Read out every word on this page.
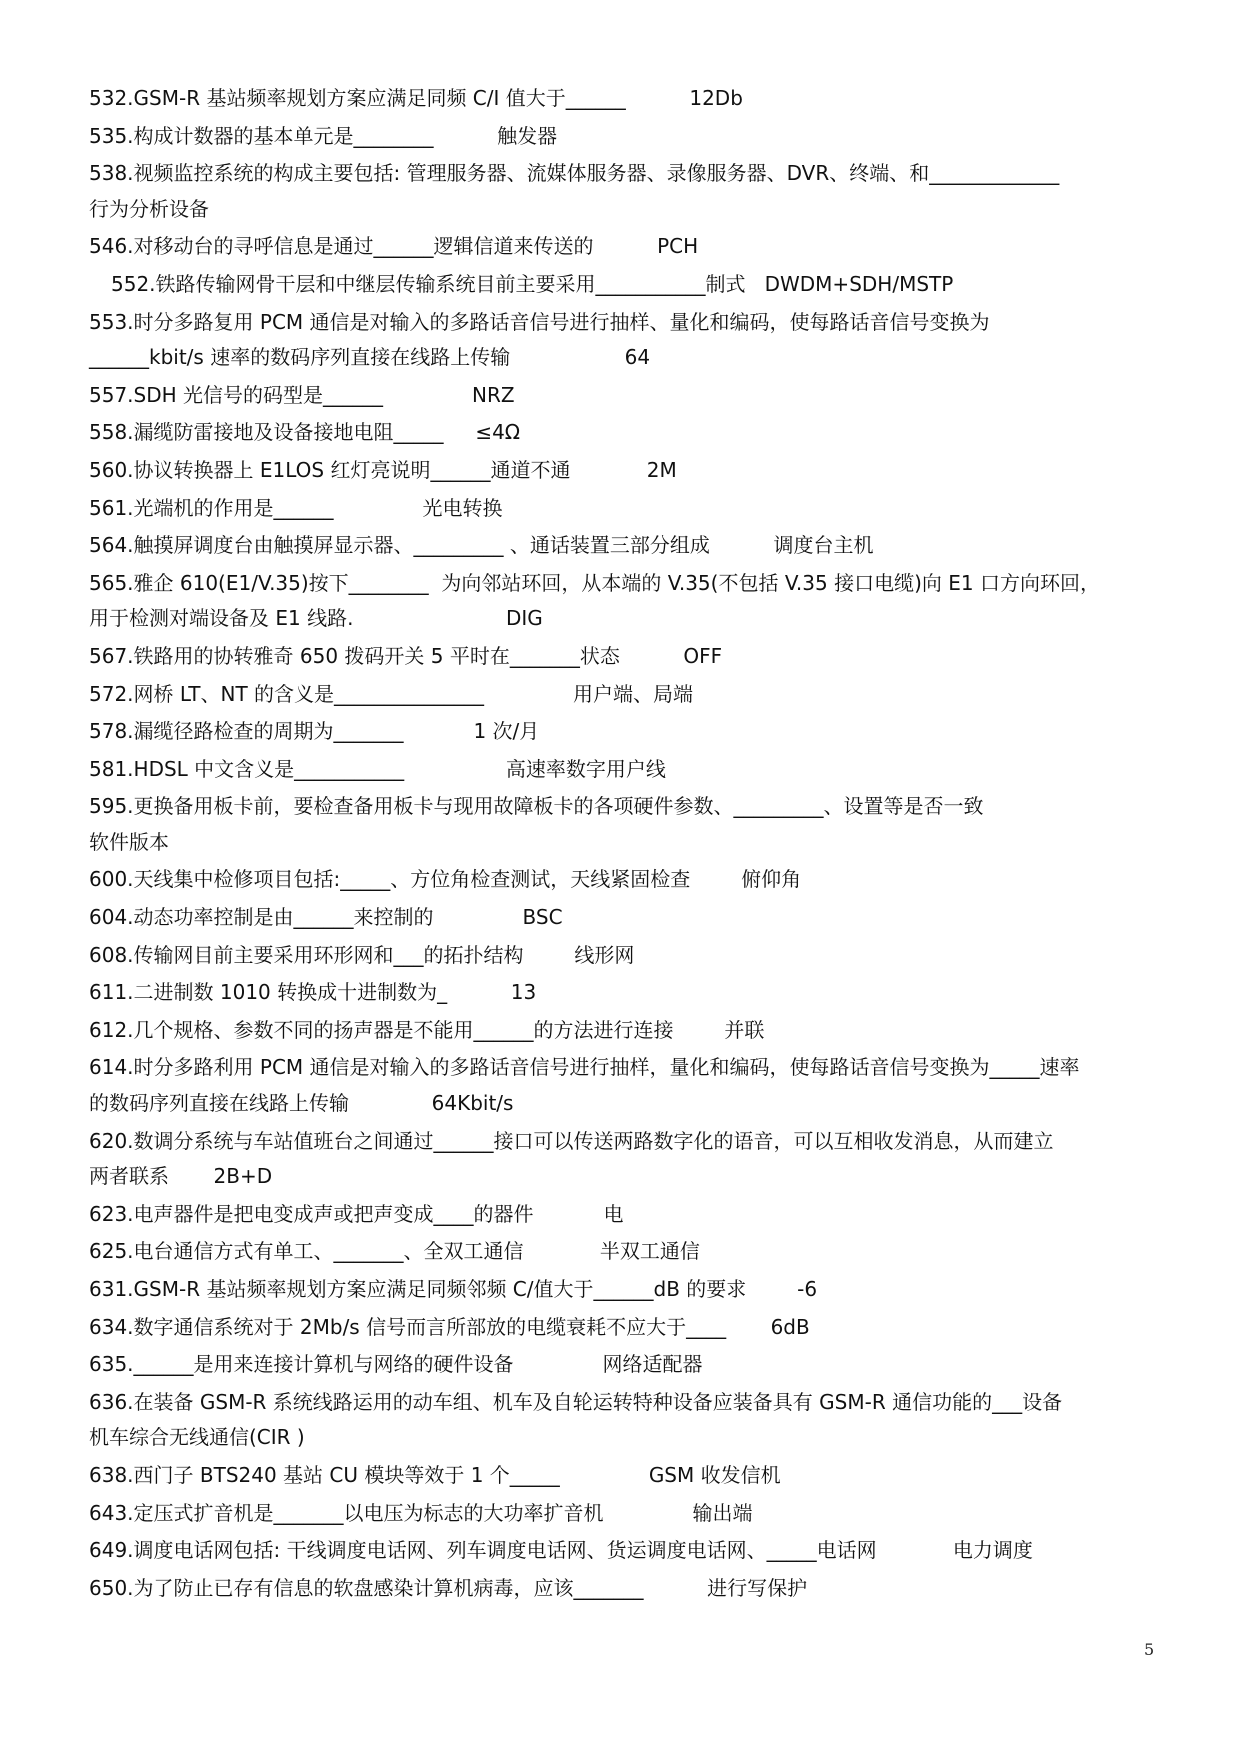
532.GSM-R 基站频率规划方案应满足同频 C/I 值大于______          12Db
535.构成计数器的基本单元是________          触发器
538.视频监控系统的构成主要包括: 管理服务器、流媒体服务器、录像服务器、DVR、终端、和_____________
行为分析设备
546.对移动台的寻呼信息是通过______逻辑信道来传送的          PCH
552.铁路传输网骨干层和中继层传输系统目前主要采用___________制式   DWDM+SDH/MSTP
553.时分多路复用 PCM 通信是对输入的多路话音信号进行抽样、量化和编码，使每路话音信号变换为
______kbit/s 速率的数码序列直接在线路上传输                  64
557.SDH 光信号的码型是______              NRZ
558.漏缆防雷接地及设备接地电阻_____     ≤4Ω
560.协议转换器上 E1LOS 红灯亮说明______通道不通            2M
561.光端机的作用是______              光电转换
564.触摸屏调度台由触摸屏显示器、_________ 、通话装置三部分组成          调度台主机
565.雅企 610(E1/V.35)按下________  为向邻站环回，从本端的 V.35(不包括 V.35 接口电缆)向 E1 口方向环回，
用于检测对端设备及 E1 线路.                        DIG
567.铁路用的协转雅奇 650 拨码开关 5 平时在_______状态          OFF
572.网桥 LT、NT 的含义是_______________              用户端、局端
578.漏缆径路检查的周期为_______           1 次/月
581.HDSL 中文含义是___________                高速率数字用户线
595.更换备用板卡前，要检查备用板卡与现用故障板卡的各项硬件参数、_________、设置等是否一致
软件版本
600.天线集中检修项目包括:_____、方位角检查测试，天线紧固检查        俯仰角
604.动态功率控制是由______来控制的              BSC
608.传输网目前主要采用环形网和___的拓扑结构        线形网
611.二进制数 1010 转换成十进制数为_          13
612.几个规格、参数不同的扬声器是不能用______的方法进行连接        并联
614.时分多路利用 PCM 通信是对输入的多路话音信号进行抽样，量化和编码，使每路话音信号变换为_____速率
的数码序列直接在线路上传输             64Kbit/s
620.数调分系统与车站值班台之间通过______接口可以传送两路数字化的语音，可以互相收发消息，从而建立
两者联系       2B+D
623.电声器件是把电变成声或把声变成____的器件           电
625.电台通信方式有单工、_______、全双工通信            半双工通信
631.GSM-R 基站频率规划方案应满足同频邻频 C/值大于______dB 的要求        -6
634.数字通信系统对于 2Mb/s 信号而言所部放的电缆衰耗不应大于____       6dB
635.______是用来连接计算机与网络的硬件设备              网络适配器
636.在装备 GSM-R 系统线路运用的动车组、机车及自轮运转特种设备应装备具有 GSM-R 通信功能的___设备
机车综合无线通信(CIR )
638.西门子 BTS240 基站 CU 模块等效于 1 个_____              GSM 收发信机
643.定压式扩音机是_______以电压为标志的大功率扩音机              输出端
649.调度电话网包括: 干线调度电话网、列车调度电话网、货运调度电话网、_____电话网            电力调度
650.为了防止已存有信息的软盘感染计算机病毒，应该_______          进行写保护
5
